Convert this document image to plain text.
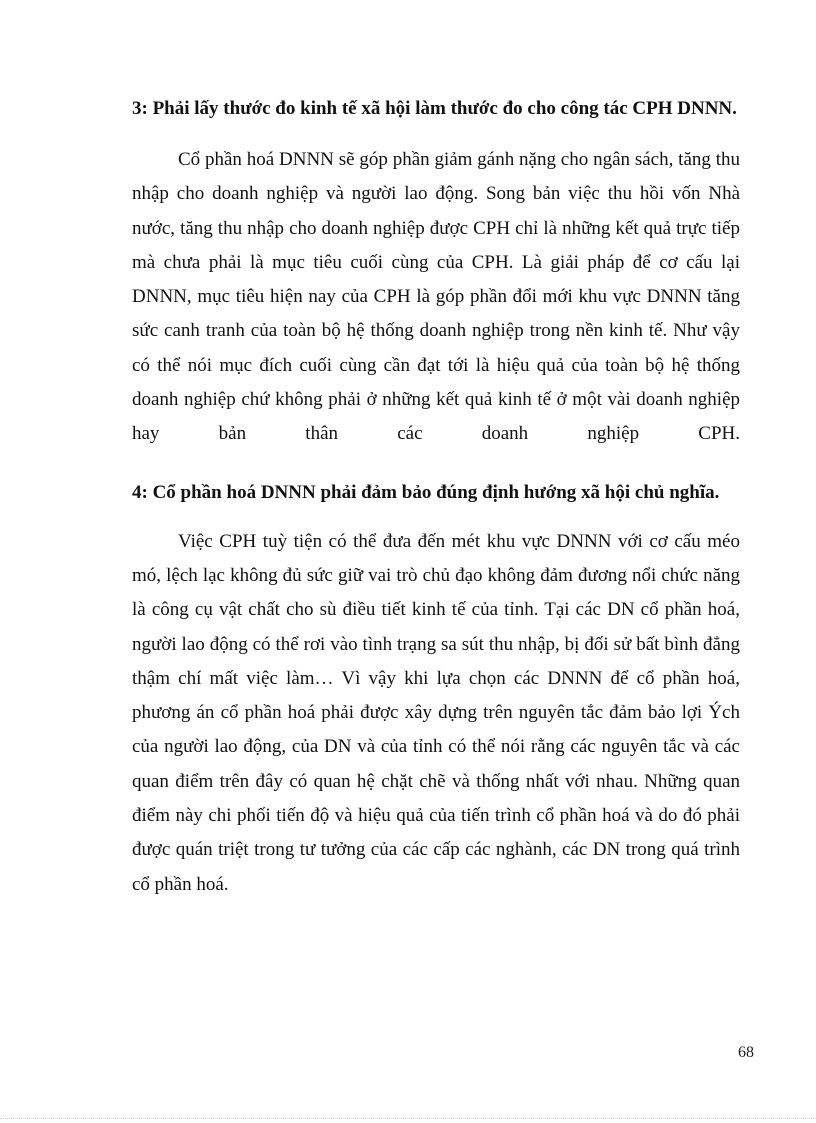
3: Phải lấy thước đo kinh tế xã hội làm thước đo cho công tác CPH DNNN.

Cổ phần hoá DNNN sẽ góp phần giảm gánh nặng cho ngân sách, tăng thu nhập cho doanh nghiệp và người lao động. Song bản việc thu hồi vốn Nhà nước, tăng thu nhập cho doanh nghiệp được CPH chỉ là những kết quả trực tiếp mà chưa phải là mục tiêu cuối cùng của CPH. Là giải pháp để cơ cấu lại DNNN, mục tiêu hiện nay của CPH là góp phần đổi mới khu vực DNNN tăng sức canh tranh của toàn bộ hệ thống doanh nghiệp trong nền kinh tế. Như vậy có thể nói mục đích cuối cùng cần đạt tới là hiệu quả của toàn bộ hệ thống doanh nghiệp chứ không phải ở những kết quả kinh tế ở một vài doanh nghiệp hay bản thân các doanh nghiệp CPH.

4: Cổ phần hoá DNNN phải đảm bảo đúng định hướng xã hội chủ nghĩa.

Việc CPH tuỳ tiện có thể đưa đến mét khu vực DNNN với cơ cấu méo mó, lệch lạc không đủ sức giữ vai trò chủ đạo không đảm đương nổi chức năng là công cụ vật chất cho sù điều tiết kinh tế của tỉnh. Tại các DN cổ phần hoá, người lao động có thể rơi vào tình trạng sa sút thu nhập, bị đối sử bất bình đẳng thậm chí mất việc làm… Vì vậy khi lựa chọn các DNNN để cổ phần hoá, phương án cổ phần hoá phải được xây dựng trên nguyên tắc đảm bảo lợi Ých của người lao động, của DN và của tỉnh có thể nói rằng các nguyên tắc và các quan điểm trên đây có quan hệ chặt chẽ và thống nhất với nhau. Những quan điểm này chi phối tiến độ và hiệu quả của tiến trình cổ phần hoá và do đó phải được quán triệt trong tư tưởng của các cấp các nghành, các DN trong quá trình cổ phần hoá.

68
